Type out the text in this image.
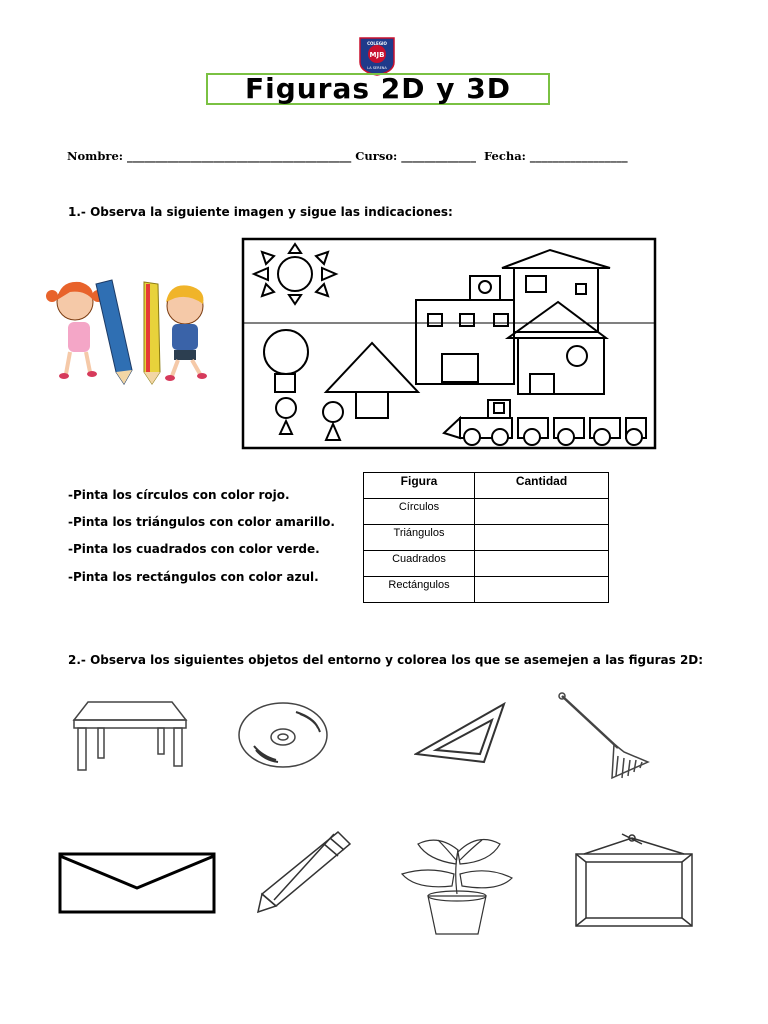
COLEGIO
MJB
LA SERENA
Figuras 2D y 3D
Nombre: _______________________________________ Curso: _____________  Fecha: _________________
1.- Observa la siguiente imagen y sigue las indicaciones:
-Pinta los círculos con color rojo.
-Pinta los triángulos con color amarillo.
-Pinta los cuadrados con color verde.
-Pinta los rectángulos con color azul.
Figura	Cantidad
Círculos	
Triángulos	
Cuadrados	
Rectángulos	
2.- Observa los siguientes objetos del entorno y colorea los que se asemejen a las figuras 2D:
